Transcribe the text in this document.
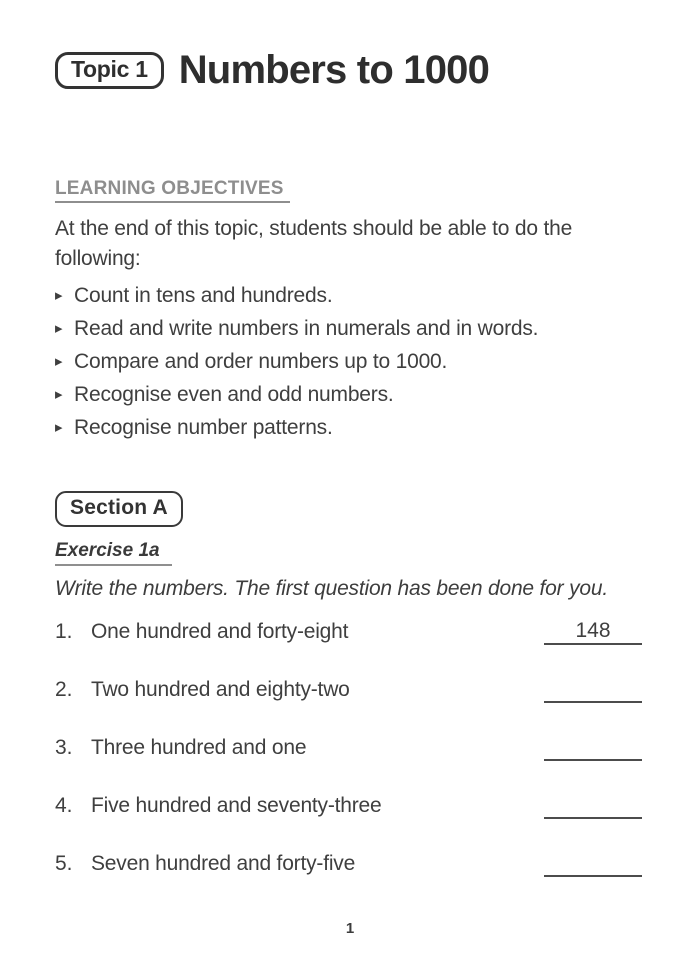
Topic 1 Numbers to 1000
LEARNING OBJECTIVES
At the end of this topic, students should be able to do the
following:
▸ Count in tens and hundreds.
▸ Read and write numbers in numerals and in words.
▸ Compare and order numbers up to 1000.
▸ Recognise even and odd numbers.
▸ Recognise number patterns.
Section A
Exercise 1a
Write the numbers. The first question has been done for you.
1. One hundred and forty-eight	148
2. Two hundred and eighty-two
3. Three hundred and one
4. Five hundred and seventy-three
5. Seven hundred and forty-five
1
